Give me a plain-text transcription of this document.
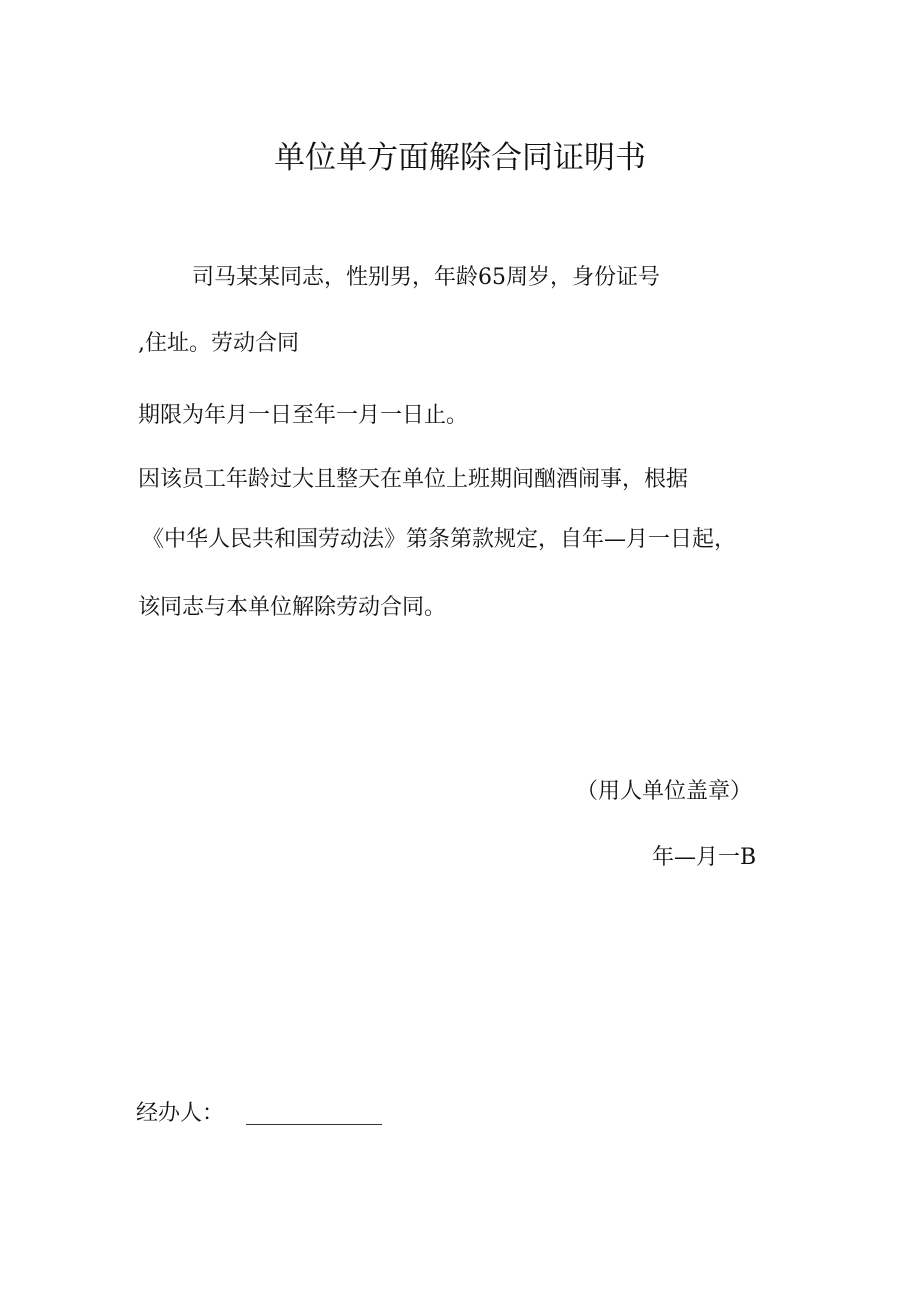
单位单方面解除合同证明书
司马某某同志，性别男，年龄65周岁，身份证号
,住址。劳动合同
期限为年月一日至年一月一日止。
因该员工年龄过大且整天在单位上班期间酗酒闹事，根据
《中华人民共和国劳动法》第条第款规定，自年—月一日起，
该同志与本单位解除劳动合同。
（用人单位盖章）
年—月一B
经办人：
